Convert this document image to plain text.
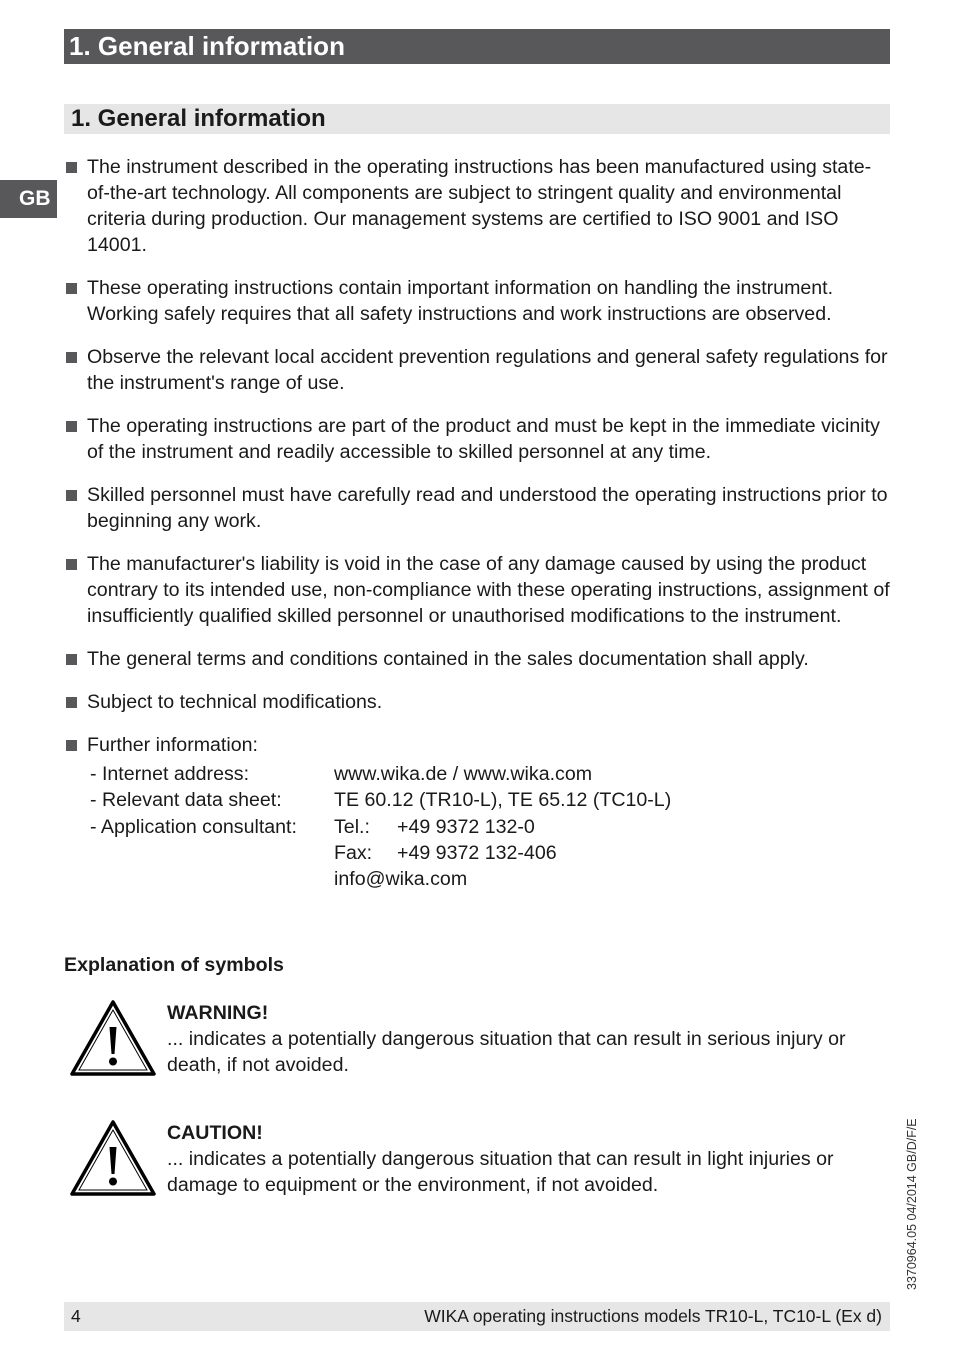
1. General information
1. General information
GB

The instrument described in the operating instructions has been manufactured using state-of-the-art technology. All components are subject to stringent quality and environmental criteria during production. Our management systems are certified to ISO 9001 and ISO 14001.

These operating instructions contain important information on handling the instrument. Working safely requires that all safety instructions and work instructions are observed.

Observe the relevant local accident prevention regulations and general safety regulations for the instrument's range of use.

The operating instructions are part of the product and must be kept in the immediate vicinity of the instrument and readily accessible to skilled personnel at any time.

Skilled personnel must have carefully read and understood the operating instructions prior to beginning any work.

The manufacturer's liability is void in the case of any damage caused by using the product contrary to its intended use, non-compliance with these operating instructions, assignment of insufficiently qualified skilled personnel or unauthorised modifications to the instrument.

The general terms and conditions contained in the sales documentation shall apply.

Subject to technical modifications.

Further information:

- Internet address:	www.wika.de / www.wika.com
- Relevant data sheet:	TE 60.12 (TR10-L), TE 65.12 (TC10-L)
- Application consultant:	Tel.: +49 9372 132-0
Fax: +49 9372 132-406
info@wika.com
Explanation of symbols

WARNING!

... indicates a potentially dangerous situation that can result in serious injury or death, if not avoided.

CAUTION!

... indicates a potentially dangerous situation that can result in light injuries or damage to equipment or the environment, if not avoided.	3370964.05 04/2014 GB/D/F/E
4	WIKA operating instructions models TR10-L, TC10-L (Ex d)
